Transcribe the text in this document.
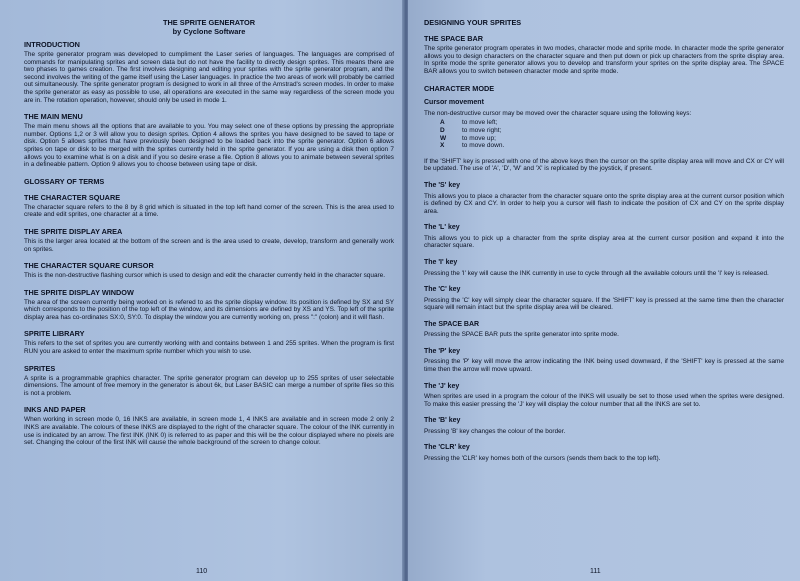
THE SPRITE GENERATOR
by Cyclone Software
INTRODUCTION

The sprite generator program was developed to cumpliment the Laser series of languages. The languages are comprised of commands for manipulating sprites and screen data but do not have the facility to directly design sprites. This means there are two phases to games creation. The first involves designing and editing your sprites with the sprite generator program, and the second involves the writing of the game itself using the Laser languages. In practice the two areas of work will probably be carried out simultaneously. The sprite generator program is designed to work in all three of the Amstrad's screen modes. In order to make the sprite generator as easy as possible to use, all operations are executed in the same way regardless of the screen mode you are in. The rotation operation, however, should only be used in mode 1.

THE MAIN MENU

The main menu shows all the options that are available to you. You may select one of these options by pressing the appropriate number. Options 1,2 or 3 will allow you to design sprites. Option 4 allows the sprites you have designed to be saved to tape or disk. Option 5 allows sprites that have previously been designed to be loaded back into the sprite generator. Option 6 allows sprites on tape or disk to be merged with the sprites currently held in the sprite generator. If you are using a disk then option 7 allows you to examine what is on a disk and if you so desire erase a file. Option 8 allows you to animate between several sprites in a defineable pattern. Option 9 allows you to choose between using tape or disk.

GLOSSARY OF TERMS
THE CHARACTER SQUARE

The character square refers to the 8 by 8 grid which is situated in the top left hand corner of the screen. This is the area used to create and edit sprites, one character at a time.

THE SPRITE DISPLAY AREA

This is the larger area located at the bottom of the screen and is the area used to create, develop, transform and generally work on sprites.

THE CHARACTER SQUARE CURSOR

This is the non-destructive flashing cursor which is used to design and edit the character currently held in the character square.

THE SPRITE DISPLAY WINDOW

The area of the screen currently being worked on is refered to as the sprite display window. Its position is defined by SX and SY which corresponds to the position of the top left of the window, and its dimensions are defined by XS and YS. Top left of the sprite display area has co-ordinates SX:0, SY:0. To display the window you are currently working on, press ":" (colon) and it will flash.

SPRITE LIBRARY

This refers to the set of sprites you are currently working with and contains between 1 and 255 sprites. When the program is first RUN you are asked to enter the maximum sprite number which you wish to use.

SPRITES

A sprite is a programmable graphics character. The sprite generator program can develop up to 255 sprites of user selectable dimensions. The amount of free memory in the generator is about 6k, but Laser BASIC can merge a number of sprite files so this is not a problem.

INKS AND PAPER

When working in screen mode 0, 16 INKS are available, in screen mode 1, 4 INKS are available and in screen mode 2 only 2 INKS are available. The colours of these INKS are displayed to the right of the character square. The colour of the INK currently in use is indicated by an arrow. The first INK (INK 0) is referred to as paper and this will be the colour displayed where no pixels are set. Changing the colour of the first INK will cause the whole background of the screen to change colour.

110
DESIGNING YOUR SPRITES
THE SPACE BAR

The sprite generator program operates in two modes, character mode and sprite mode. In character mode the sprite generator allows you to design characters on the character square and then put down or pick up characters from the sprite display area. In sprite mode the sprite generator allows you to develop and transform your sprites on the sprite display area. The SPACE BAR allows you to switch between character mode and sprite mode.

CHARACTER MODE
Cursor movement

The non-destructive cursor may be moved over the character square using the following keys:

A	to move left;
D	to move right;
W	to move up;
X	to move down.

If the 'SHIFT' key is pressed with one of the above keys then the cursor on the sprite display area will move and CX or CY will be updated. The use of 'A', 'D', 'W' and 'X' is replicated by the joystick, if present.

The 'S' key

This allows you to place a character from the character square onto the sprite display area at the current cursor position which is defined by CX and CY. In order to help you a cursor will flash to indicate the position of CX and CY on the sprite display area.

The 'L' key

This allows you to pick up a character from the sprite display area at the current cursor position and expand it into the character square.

The 'I' key

Pressing the 'I' key will cause the INK currently in use to cycle through all the available colours until the 'I' key is released.

The 'C' key

Pressing the 'C' key will simply clear the character square. If the 'SHIFT' key is pressed at the same time then the character square will remain intact but the sprite display area will be cleared.

The SPACE BAR

Pressing the SPACE BAR puts the sprite generator into sprite mode.

The 'P' key

Pressing the 'P' key will move the arrow indicating the INK being used downward, if the 'SHIFT' key is pressed at the same time then the arrow will move upward.

The 'J' key

When sprites are used in a program the colour of the INKS will usually be set to those used when the sprites were designed. To make this easier pressing the 'J' key will display the colour number that all the INKS are set to.

The 'B' key

Pressing 'B' key changes the colour of the border.

The 'CLR' key

Pressing the 'CLR' key homes both of the cursors (sends them back to the top left).

111
